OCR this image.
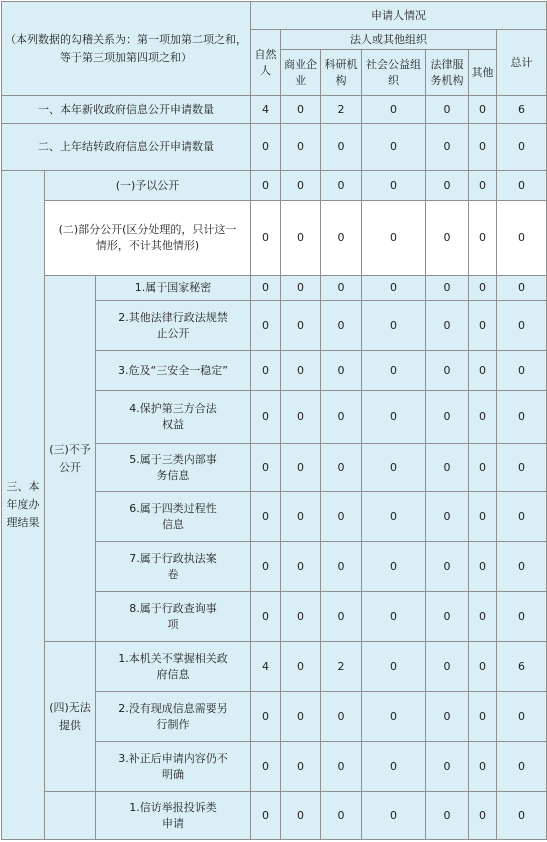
（本列数据的勾稽关系为：第一项加第二项之和，等于第三项加第四项之和）			申请人情况						
			自然人	法人或其他组织					总计
				商业企业	科研机构	社会公益组织	法律服务机构	其他	
一、本年新收政府信息公开申请数量			4	0	2	0	0	0	6
二、上年结转政府信息公开申请数量			0	0	0	0	0	0	0
三、本年度办理结果	(一)予以公开		0	0	0	0	0	0	0
	(二)部分公开(区分处理的，只计这一情形，不计其他情形)		0	0	0	0	0	0	0
	(三)不予公开	1.属于国家秘密	0	0	0	0	0	0	0
		2.其他法律行政法规禁止公开	0	0	0	0	0	0	0
		3.危及“三安全一稳定”	0	0	0	0	0	0	0
		4.保护第三方合法权益	0	0	0	0	0	0	0
		5.属于三类内部事务信息	0	0	0	0	0	0	0
		6.属于四类过程性信息	0	0	0	0	0	0	0
		7.属于行政执法案卷	0	0	0	0	0	0	0
		8.属于行政查询事项	0	0	0	0	0	0	0
	(四)无法提供	1.本机关不掌握相关政府信息	4	0	2	0	0	0	6
		2.没有现成信息需要另行制作	0	0	0	0	0	0	0
		3.补正后申请内容仍不明确	0	0	0	0	0	0	0
		1.信访举报投诉类申请	0	0	0	0	0	0	0
